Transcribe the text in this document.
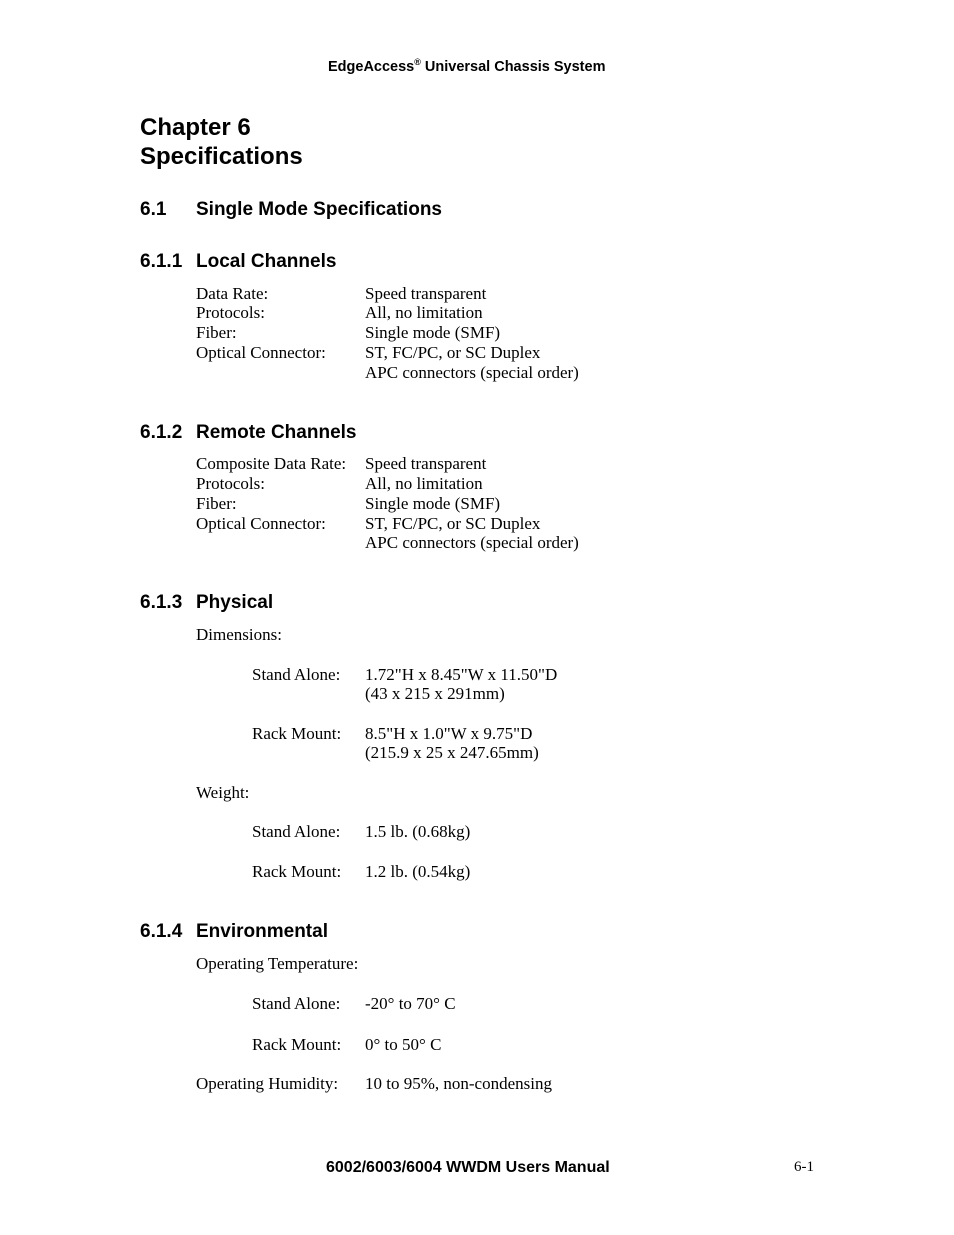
EdgeAccess® Universal Chassis System
Chapter 6
Specifications
6.1 Single Mode Specifications
6.1.1 Local Channels
Data Rate:	Speed transparent
Protocols:	All, no limitation
Fiber:	Single mode (SMF)
Optical Connector: ST, FC/PC, or SC Duplex
APC connectors (special order)
6.1.2 Remote Channels
Composite Data Rate: Speed transparent
Protocols:	All, no limitation
Fiber:	Single mode (SMF)
Optical Connector: ST, FC/PC, or SC Duplex
APC connectors (special order)
6.1.3 Physical
Dimensions:
Stand Alone: 1.72"H x 8.45"W x 11.50"D
(43 x 215 x 291mm)
Rack Mount: 8.5"H x 1.0"W x 9.75"D
(215.9 x 25 x 247.65mm)
Weight:
Stand Alone: 1.5 lb. (0.68kg)
Rack Mount: 1.2 lb. (0.54kg)
6.1.4 Environmental
Operating Temperature:
Stand Alone: -20° to 70° C
Rack Mount: 0° to 50° C
Operating Humidity: 10 to 95%, non-condensing
6002/6003/6004 WWDM Users Manual	6-1
